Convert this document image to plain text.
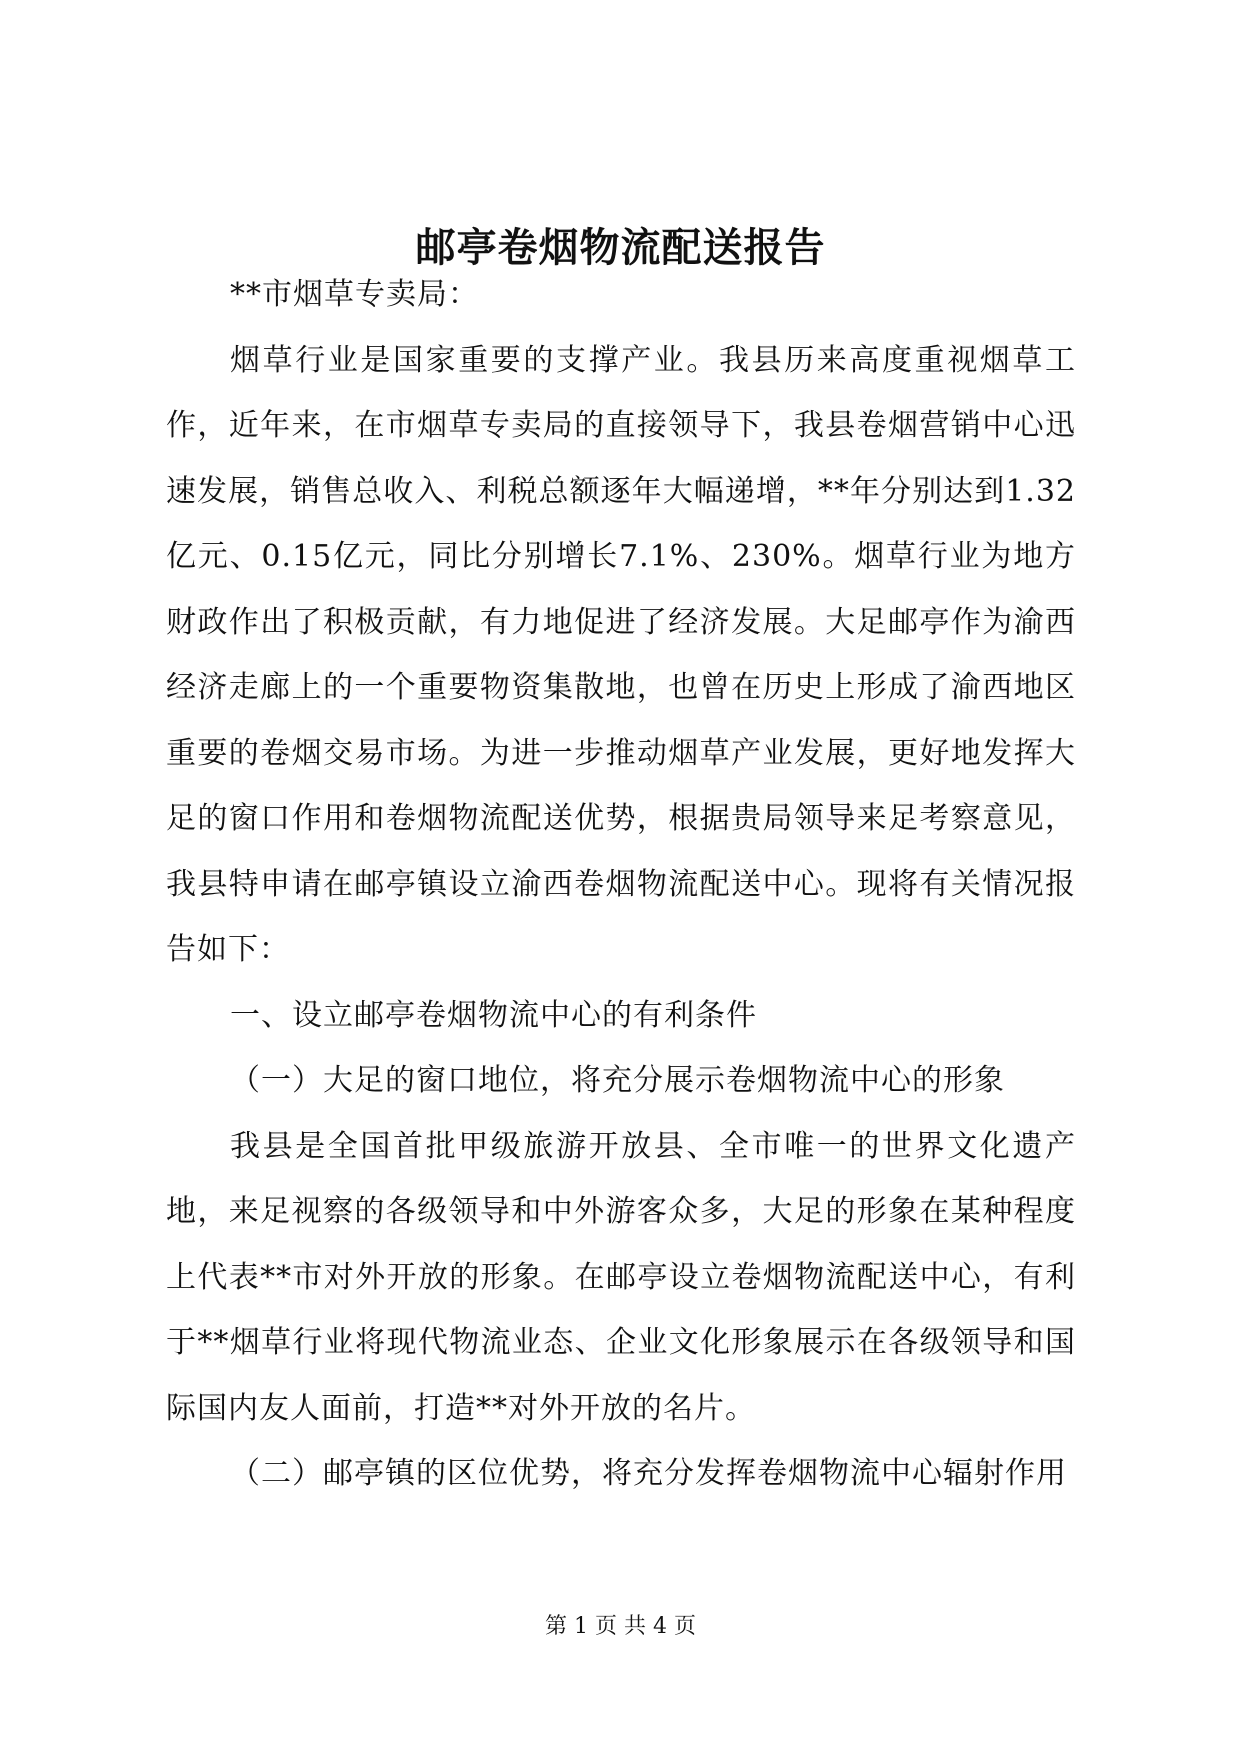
邮亭卷烟物流配送报告

**市烟草专卖局：

烟草行业是国家重要的支撑产业。我县历来高度重视烟草工作，近年来，在市烟草专卖局的直接领导下，我县卷烟营销中心迅速发展，销售总收入、利税总额逐年大幅递增，**年分别达到1.32亿元、0.15亿元，同比分别增长7.1%、230%。烟草行业为地方财政作出了积极贡献，有力地促进了经济发展。大足邮亭作为渝西经济走廊上的一个重要物资集散地，也曾在历史上形成了渝西地区重要的卷烟交易市场。为进一步推动烟草产业发展，更好地发挥大足的窗口作用和卷烟物流配送优势，根据贵局领导来足考察意见，我县特申请在邮亭镇设立渝西卷烟物流配送中心。现将有关情况报告如下：

一、设立邮亭卷烟物流中心的有利条件

（一）大足的窗口地位，将充分展示卷烟物流中心的形象

我县是全国首批甲级旅游开放县、全市唯一的世界文化遗产地，来足视察的各级领导和中外游客众多，大足的形象在某种程度上代表**市对外开放的形象。在邮亭设立卷烟物流配送中心，有利于**烟草行业将现代物流业态、企业文化形象展示在各级领导和国际国内友人面前，打造**对外开放的名片。

（二）邮亭镇的区位优势，将充分发挥卷烟物流中心辐射作用

第 1 页 共 4 页
